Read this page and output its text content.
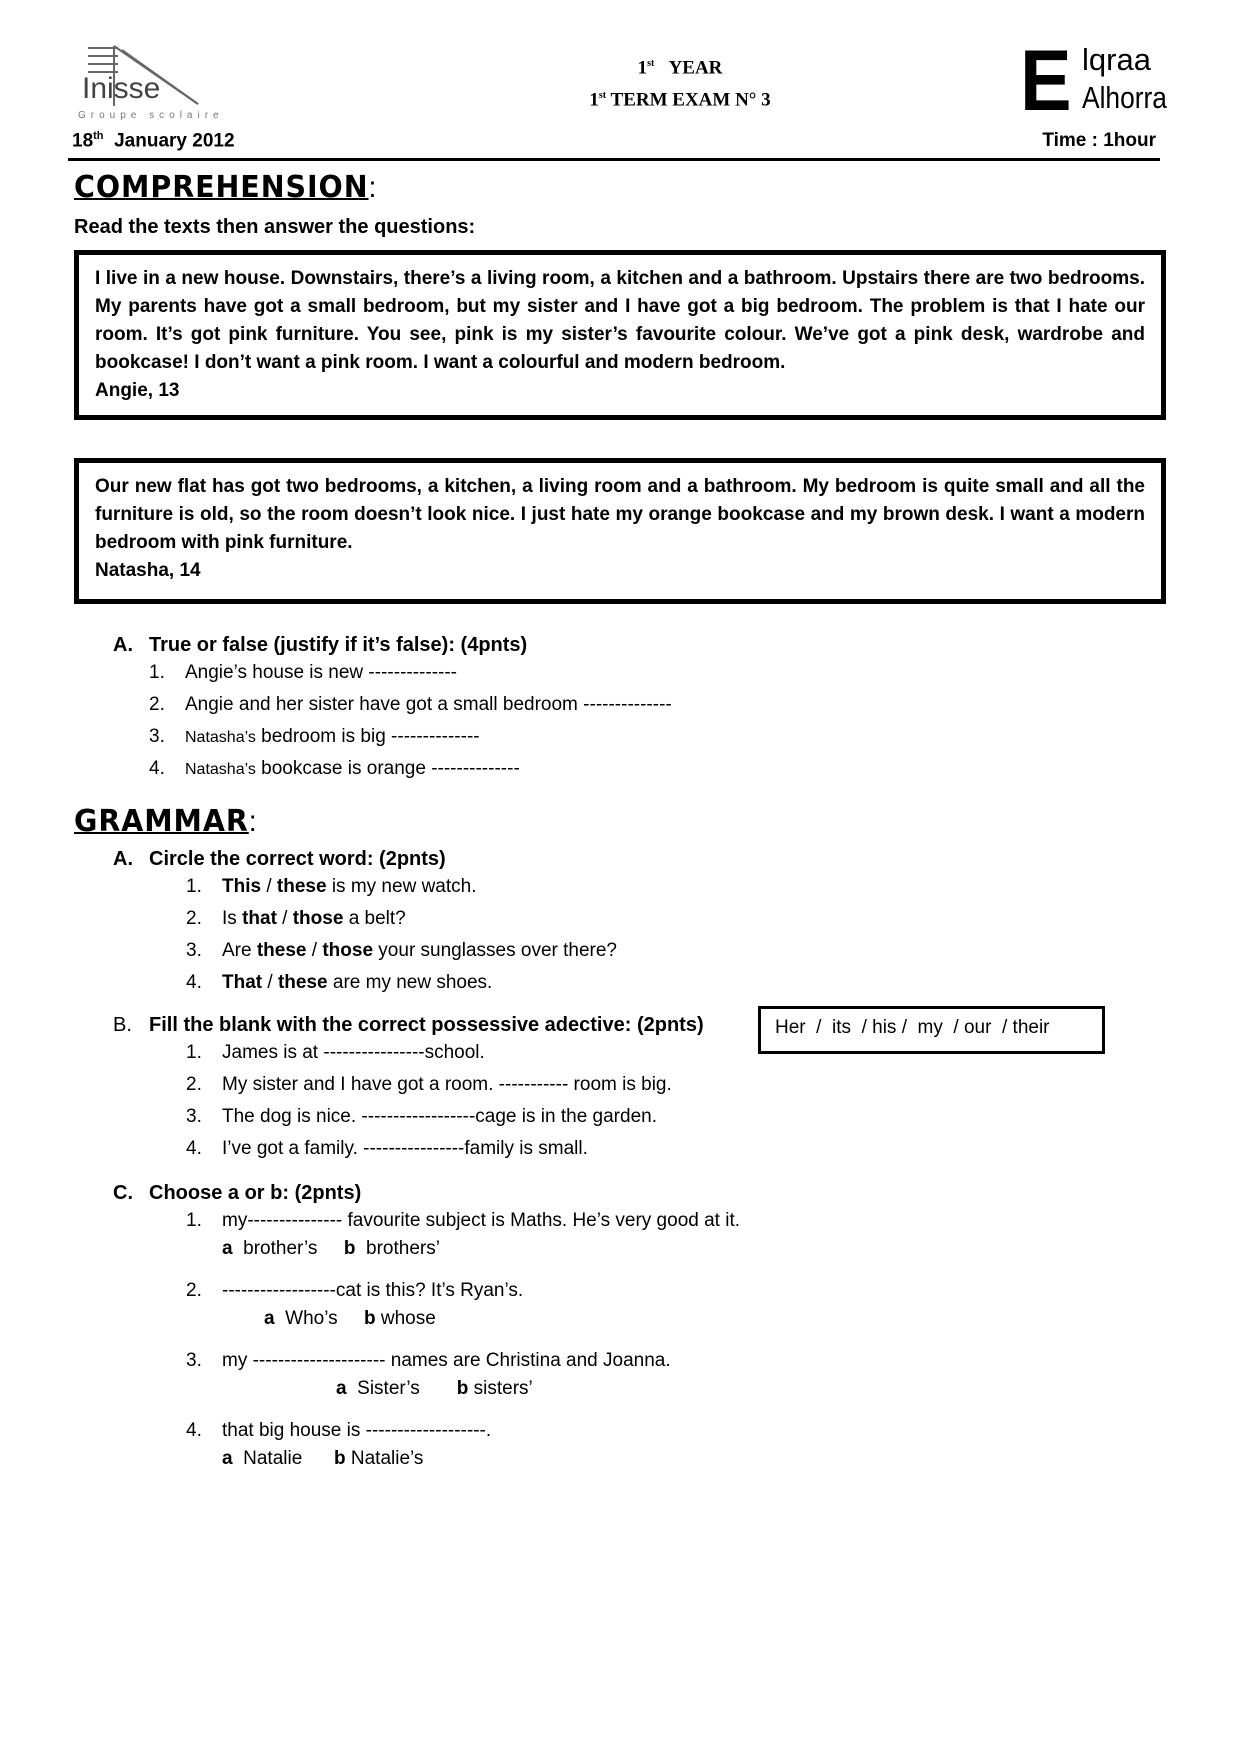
Inisse
Groupe scolaire
1st YEAR
1st TERM EXAM N° 3	E lqraa
Alhorra
18th January 2012	Time : 1hour
COMPREHENSION:
Read the texts then answer the questions:
I live in a new house. Downstairs, there’s a living room, a kitchen and a bathroom. Upstairs there are two bedrooms. My parents have got a small bedroom, but my sister and I have got a big bedroom. The problem is that I hate our room. It’s got pink furniture. You see, pink is my sister’s favourite colour. We’ve got a pink desk, wardrobe and bookcase! I don’t want a pink room. I want a colourful and modern bedroom.
Angie, 13
Our new flat has got two bedrooms, a kitchen, a living room and a bathroom. My bedroom is quite small and all the furniture is old, so the room doesn’t look nice. I just hate my orange bookcase and my brown desk. I want a modern bedroom with pink furniture.
Natasha, 14
A. True or false (justify if it’s false): (4pnts)
1. Angie’s house is new --------------
2. Angie and her sister have got a small bedroom --------------
3. Natasha’s bedroom is big --------------
4. Natasha’s bookcase is orange --------------
GRAMMAR:
A. Circle the correct word: (2pnts)
1. This / these is my new watch.
2. Is that / those a belt?
3. Are these / those your sunglasses over there?
4. That / these are my new shoes.
B. Fill the blank with the correct possessive adective: (2pnts)	Her  /  its  / his /  my  / our  / their
1. James is at ----------------school.
2. My sister and I have got a room. ----------- room is big.
3. The dog is nice. ------------------cage is in the garden.
4. I’ve got a family. ----------------family is small.
C. Choose a or b: (2pnts)
1. my--------------- favourite subject is Maths. He’s very good at it.
a brother’s b brothers’
2. ------------------cat is this? It’s Ryan’s.
a Who’s b whose
3. my --------------------- names are Christina and Joanna.
a Sister’s b sisters’
4. that big house is -------------------.
a Natalie b Natalie’s
